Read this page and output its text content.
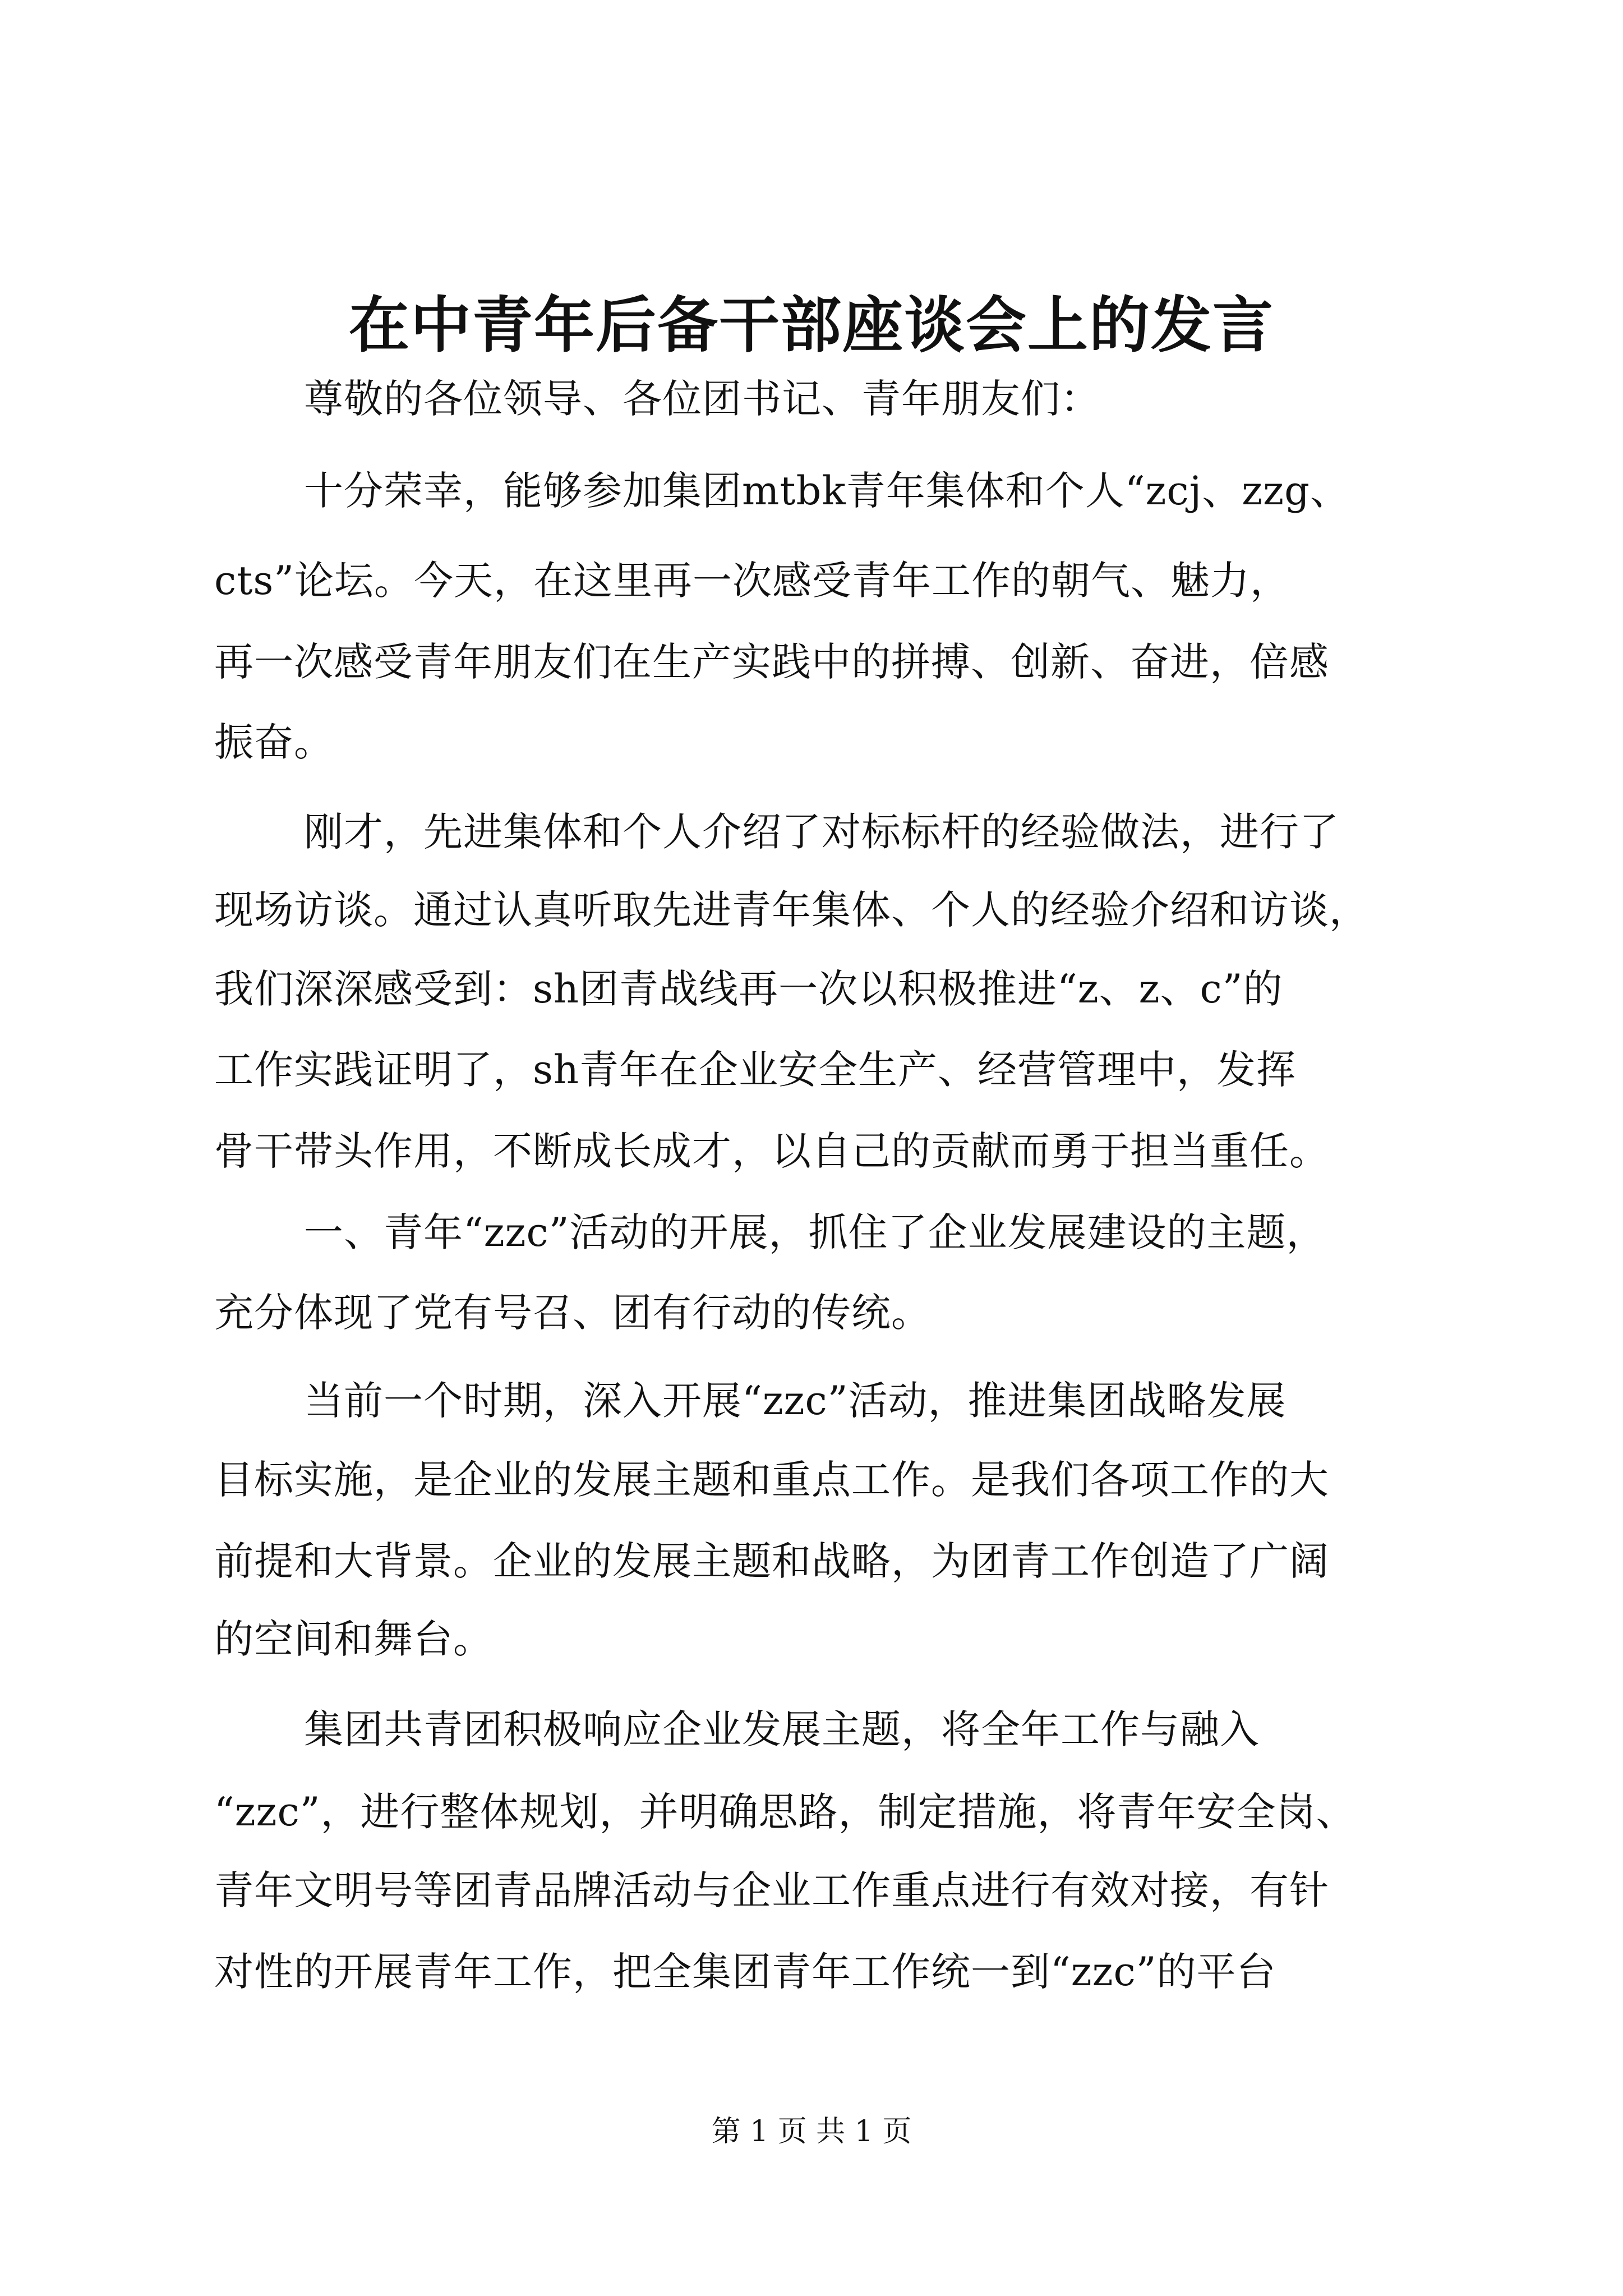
在中青年后备干部座谈会上的发言
尊敬的各位领导、各位团书记、青年朋友们：
十分荣幸，能够参加集团mtbk青年集体和个人“zcj、zzg、
cts”论坛。今天，在这里再一次感受青年工作的朝气、魅力，
再一次感受青年朋友们在生产实践中的拼搏、创新、奋进，倍感
振奋。
刚才，先进集体和个人介绍了对标标杆的经验做法，进行了
现场访谈。通过认真听取先进青年集体、个人的经验介绍和访谈，
我们深深感受到：sh团青战线再一次以积极推进“z、z、c”的
工作实践证明了，sh青年在企业安全生产、经营管理中，发挥
骨干带头作用，不断成长成才，以自己的贡献而勇于担当重任。
一、青年“zzc”活动的开展，抓住了企业发展建设的主题，
充分体现了党有号召、团有行动的传统。
当前一个时期，深入开展“zzc”活动，推进集团战略发展
目标实施，是企业的发展主题和重点工作。是我们各项工作的大
前提和大背景。企业的发展主题和战略，为团青工作创造了广阔
的空间和舞台。
集团共青团积极响应企业发展主题，将全年工作与融入
“zzc”，进行整体规划，并明确思路，制定措施，将青年安全岗、
青年文明号等团青品牌活动与企业工作重点进行有效对接，有针
对性的开展青年工作，把全集团青年工作统一到“zzc”的平台
第 1 页 共 1 页
